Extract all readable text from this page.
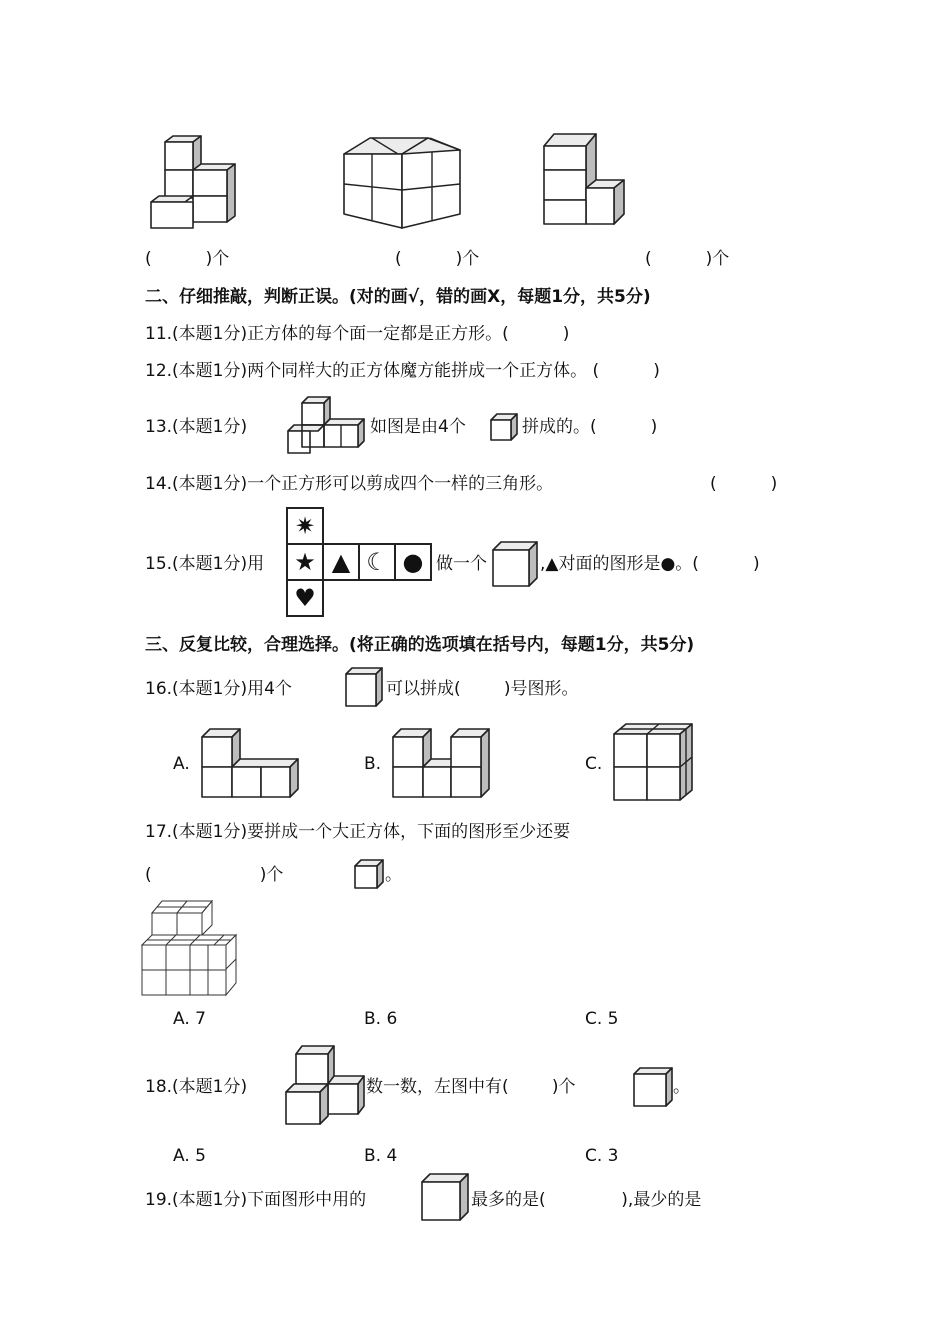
(          )个	(          )个	(          )个
二、仔细推敲，判断正误。(对的画√，错的画X，每题1分，共5分)
11.(本题1分)正方体的每个面一定都是正方形。(          )
12.(本题1分)两个同样大的正方体魔方能拼成一个正方体。 (          )
13.(本题1分)	如图是由4个	拼成的。(          )
14.(本题1分)一个正方形可以剪成四个一样的三角形。	(          )
15.(本题1分)用
✷			
★	▲	☾	●
♥			
做一个	,▲对面的图形是●。(          )
三、反复比较，合理选择。(将正确的选项填在括号内，每题1分，共5分)
16.(本题1分)用4个	可以拼成(        )号图形。
A.	B.	C.
17.(本题1分)要拼成一个大正方体，下面的图形至少还要
(                    )个	。
A. 7	B. 6	C. 5
18.(本题1分)	数一数，左图中有(        )个	。
A. 5	B. 4	C. 3
19.(本题1分)下面图形中用的	最多的是(              ),最少的是
